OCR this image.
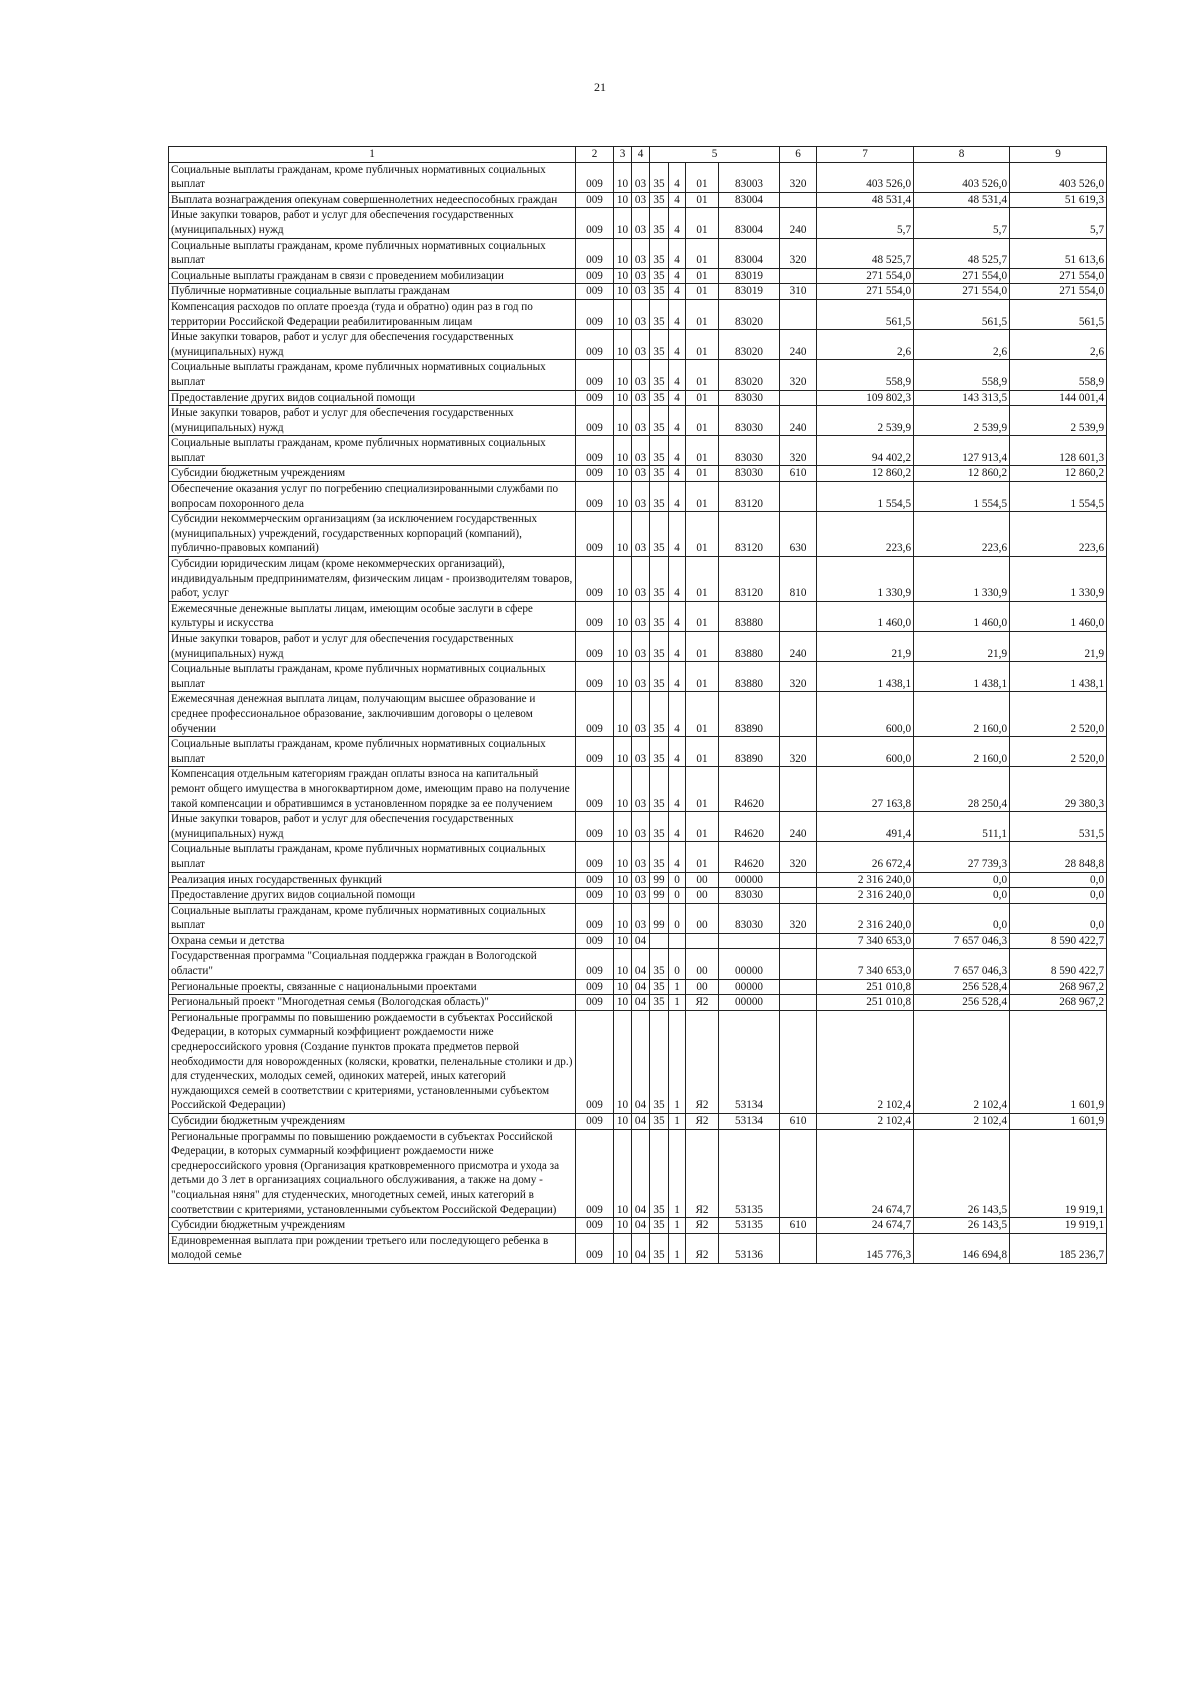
21
1	2	3	4	5				6	7	8	9
Социальные выплаты гражданам, кроме публичных нормативных социальных выплат	009	10	03	35	4	01	83003	320	403 526,0	403 526,0	403 526,0
Выплата вознаграждения опекунам совершеннолетних недееспособных граждан	009	10	03	35	4	01	83004		48 531,4	48 531,4	51 619,3
Иные закупки товаров, работ и услуг для обеспечения государственных (муниципальных) нужд	009	10	03	35	4	01	83004	240	5,7	5,7	5,7
Социальные выплаты гражданам, кроме публичных нормативных социальных выплат	009	10	03	35	4	01	83004	320	48 525,7	48 525,7	51 613,6
Социальные выплаты гражданам в связи с проведением мобилизации	009	10	03	35	4	01	83019		271 554,0	271 554,0	271 554,0
Публичные нормативные социальные выплаты гражданам	009	10	03	35	4	01	83019	310	271 554,0	271 554,0	271 554,0
Компенсация расходов по оплате проезда (туда и обратно) один раз в год по территории Российской Федерации реабилитированным лицам	009	10	03	35	4	01	83020		561,5	561,5	561,5
Иные закупки товаров, работ и услуг для обеспечения государственных (муниципальных) нужд	009	10	03	35	4	01	83020	240	2,6	2,6	2,6
Социальные выплаты гражданам, кроме публичных нормативных социальных выплат	009	10	03	35	4	01	83020	320	558,9	558,9	558,9
Предоставление других видов социальной помощи	009	10	03	35	4	01	83030		109 802,3	143 313,5	144 001,4
Иные закупки товаров, работ и услуг для обеспечения государственных (муниципальных) нужд	009	10	03	35	4	01	83030	240	2 539,9	2 539,9	2 539,9
Социальные выплаты гражданам, кроме публичных нормативных социальных выплат	009	10	03	35	4	01	83030	320	94 402,2	127 913,4	128 601,3
Субсидии бюджетным учреждениям	009	10	03	35	4	01	83030	610	12 860,2	12 860,2	12 860,2
Обеспечение оказания услуг по погребению специализированными службами по вопросам похоронного дела	009	10	03	35	4	01	83120		1 554,5	1 554,5	1 554,5
Субсидии некоммерческим организациям (за исключением государственных (муниципальных) учреждений, государственных корпораций (компаний), публично-правовых компаний)	009	10	03	35	4	01	83120	630	223,6	223,6	223,6
Субсидии юридическим лицам (кроме некоммерческих организаций), индивидуальным предпринимателям, физическим лицам - производителям товаров, работ, услуг	009	10	03	35	4	01	83120	810	1 330,9	1 330,9	1 330,9
Ежемесячные денежные выплаты лицам, имеющим особые заслуги в сфере культуры и искусства	009	10	03	35	4	01	83880		1 460,0	1 460,0	1 460,0
Иные закупки товаров, работ и услуг для обеспечения государственных (муниципальных) нужд	009	10	03	35	4	01	83880	240	21,9	21,9	21,9
Социальные выплаты гражданам, кроме публичных нормативных социальных выплат	009	10	03	35	4	01	83880	320	1 438,1	1 438,1	1 438,1
Ежемесячная денежная выплата лицам, получающим высшее образование и среднее профессиональное образование, заключившим договоры о целевом обучении	009	10	03	35	4	01	83890		600,0	2 160,0	2 520,0
Социальные выплаты гражданам, кроме публичных нормативных социальных выплат	009	10	03	35	4	01	83890	320	600,0	2 160,0	2 520,0
Компенсация отдельным категориям граждан оплаты взноса на капитальный ремонт общего имущества в многоквартирном доме, имеющим право на получение такой компенсации и обратившимся в установленном порядке за ее получением	009	10	03	35	4	01	R4620		27 163,8	28 250,4	29 380,3
Иные закупки товаров, работ и услуг для обеспечения государственных (муниципальных) нужд	009	10	03	35	4	01	R4620	240	491,4	511,1	531,5
Социальные выплаты гражданам, кроме публичных нормативных социальных выплат	009	10	03	35	4	01	R4620	320	26 672,4	27 739,3	28 848,8
Реализация иных государственных функций	009	10	03	99	0	00	00000		2 316 240,0	0,0	0,0
Предоставление других видов социальной помощи	009	10	03	99	0	00	83030		2 316 240,0	0,0	0,0
Социальные выплаты гражданам, кроме публичных нормативных социальных выплат	009	10	03	99	0	00	83030	320	2 316 240,0	0,0	0,0
Охрана семьи и детства	009	10	04						7 340 653,0	7 657 046,3	8 590 422,7
Государственная программа "Социальная поддержка граждан в Вологодской области"	009	10	04	35	0	00	00000		7 340 653,0	7 657 046,3	8 590 422,7
Региональные проекты, связанные с национальными проектами	009	10	04	35	1	00	00000		251 010,8	256 528,4	268 967,2
Региональный проект "Многодетная семья (Вологодская область)"	009	10	04	35	1	Я2	00000		251 010,8	256 528,4	268 967,2
Региональные программы по повышению рождаемости в субъектах Российской Федерации, в которых суммарный коэффициент рождаемости ниже среднероссийского уровня (Создание пунктов проката предметов первой необходимости для новорожденных (коляски, кроватки, пеленальные столики и др.) для студенческих, молодых семей, одиноких матерей, иных категорий нуждающихся семей в соответствии с критериями, установленными субъектом Российской Федерации)	009	10	04	35	1	Я2	53134		2 102,4	2 102,4	1 601,9
Субсидии бюджетным учреждениям	009	10	04	35	1	Я2	53134	610	2 102,4	2 102,4	1 601,9
Региональные программы по повышению рождаемости в субъектах Российской Федерации, в которых суммарный коэффициент рождаемости ниже среднероссийского уровня (Организация кратковременного присмотра и ухода за детьми до 3 лет в организациях социального обслуживания, а также на дому - "социальная няня" для студенческих, многодетных семей, иных категорий в соответствии с критериями, установленными субъектом Российской Федерации)	009	10	04	35	1	Я2	53135		24 674,7	26 143,5	19 919,1
Субсидии бюджетным учреждениям	009	10	04	35	1	Я2	53135	610	24 674,7	26 143,5	19 919,1
Единовременная выплата при рождении третьего или последующего ребенка в молодой семье	009	10	04	35	1	Я2	53136		145 776,3	146 694,8	185 236,7
